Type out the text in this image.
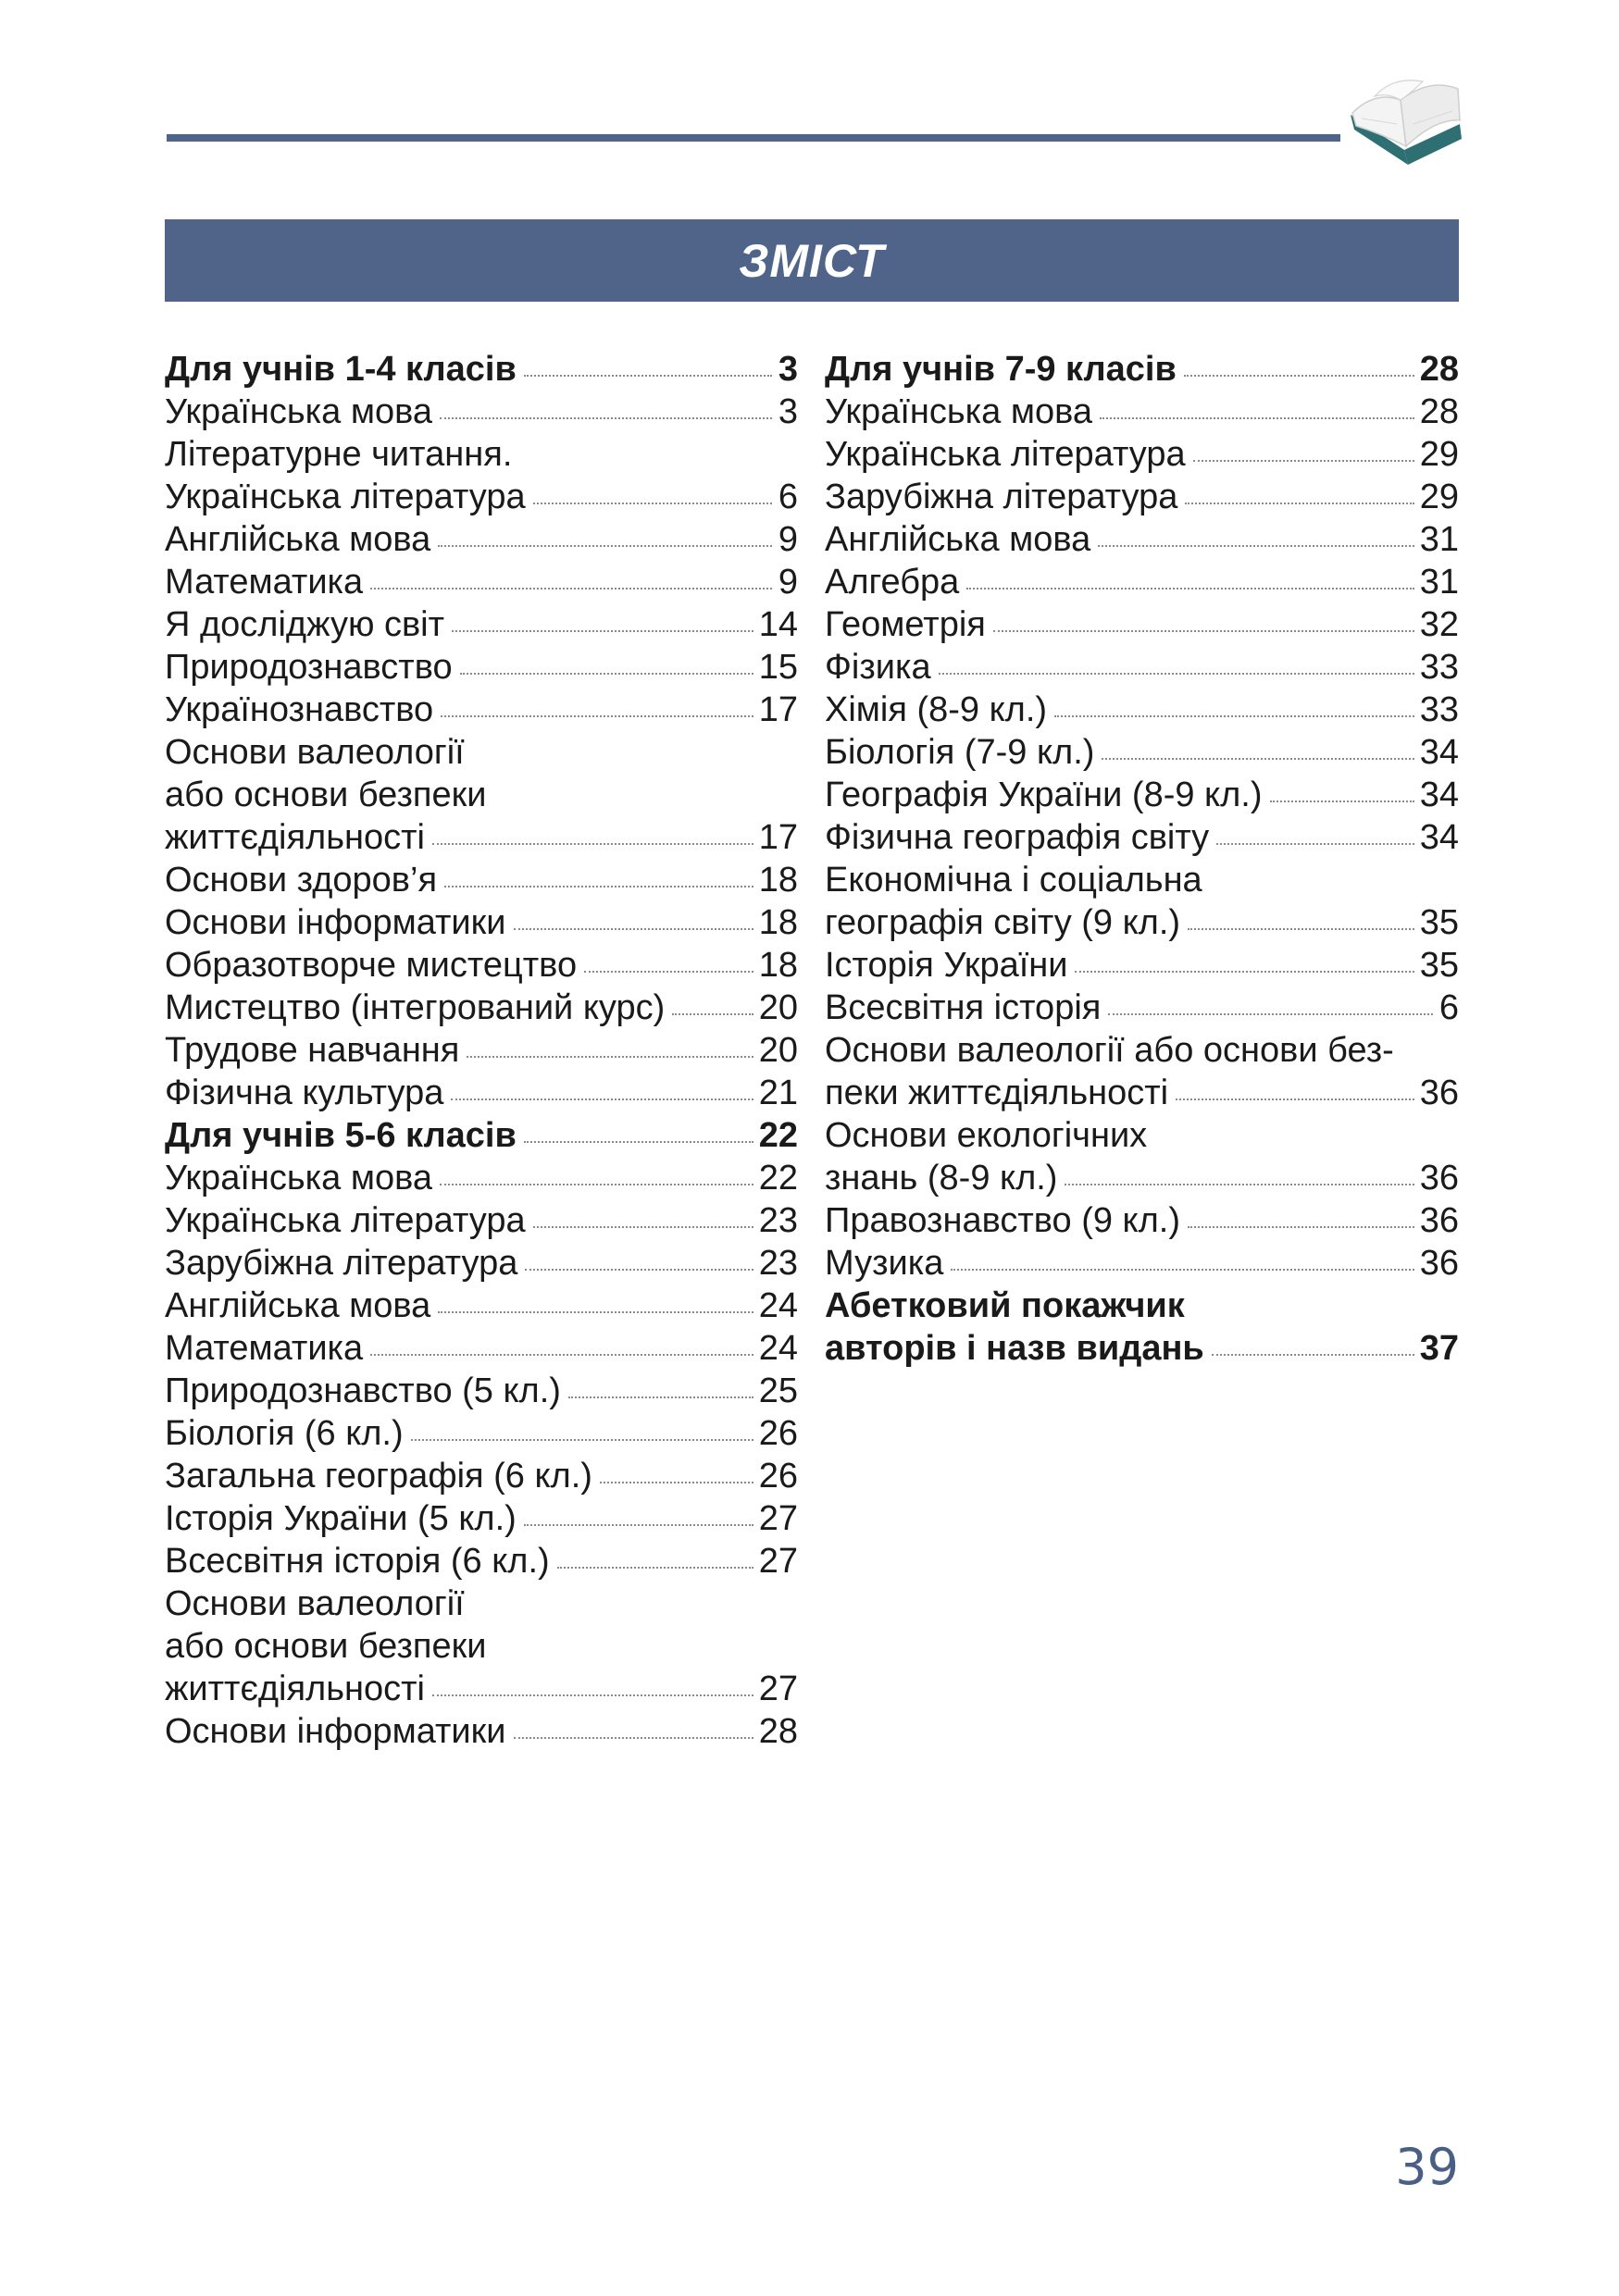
ЗМІСТ
Для учнів 1-4 класів	3
Українська мова	3
Літературне читання.
Українська література	6
Англійська мова	9
Математика	9
Я досліджую світ	14
Природознавство	15
Українознавство	17
Основи валеології
або основи безпеки
життєдіяльності	17
Основи здоров’я	18
Основи інформатики	18
Образотворче мистецтво	18
Мистецтво (інтегрований курс)	20
Трудове навчання	20
Фізична культура	21
Для учнів 5-6 класів	22
Українська мова	22
Українська література	23
Зарубіжна література	23
Англійська мова	24
Математика	24
Природознавство (5 кл.)	25
Біологія (6 кл.)	26
Загальна географія (6 кл.)	26
Історія України (5 кл.)	27
Всесвітня історія (6 кл.)	27
Основи валеології
або основи безпеки
життєдіяльності	27
Основи інформатики	28
Для учнів 7-9 класів	28
Українська мова	28
Українська література	29
Зарубіжна література	29
Англійська мова	31
Алгебра	31
Геометрія	32
Фізика	33
Хімія (8-9 кл.)	33
Біологія (7-9 кл.)	34
Географія України (8-9 кл.)	34
Фізична географія світу	34
Економічна і соціальна
географія світу (9 кл.)	35
Історія України	35
Всесвітня історія	6
Основи валеології або основи без-
пеки життєдіяльності	36
Основи екологічних
знань (8-9 кл.)	36
Правознавство (9 кл.)	36
Музика	36
Абетковий покажчик
авторів і назв видань	37
39
